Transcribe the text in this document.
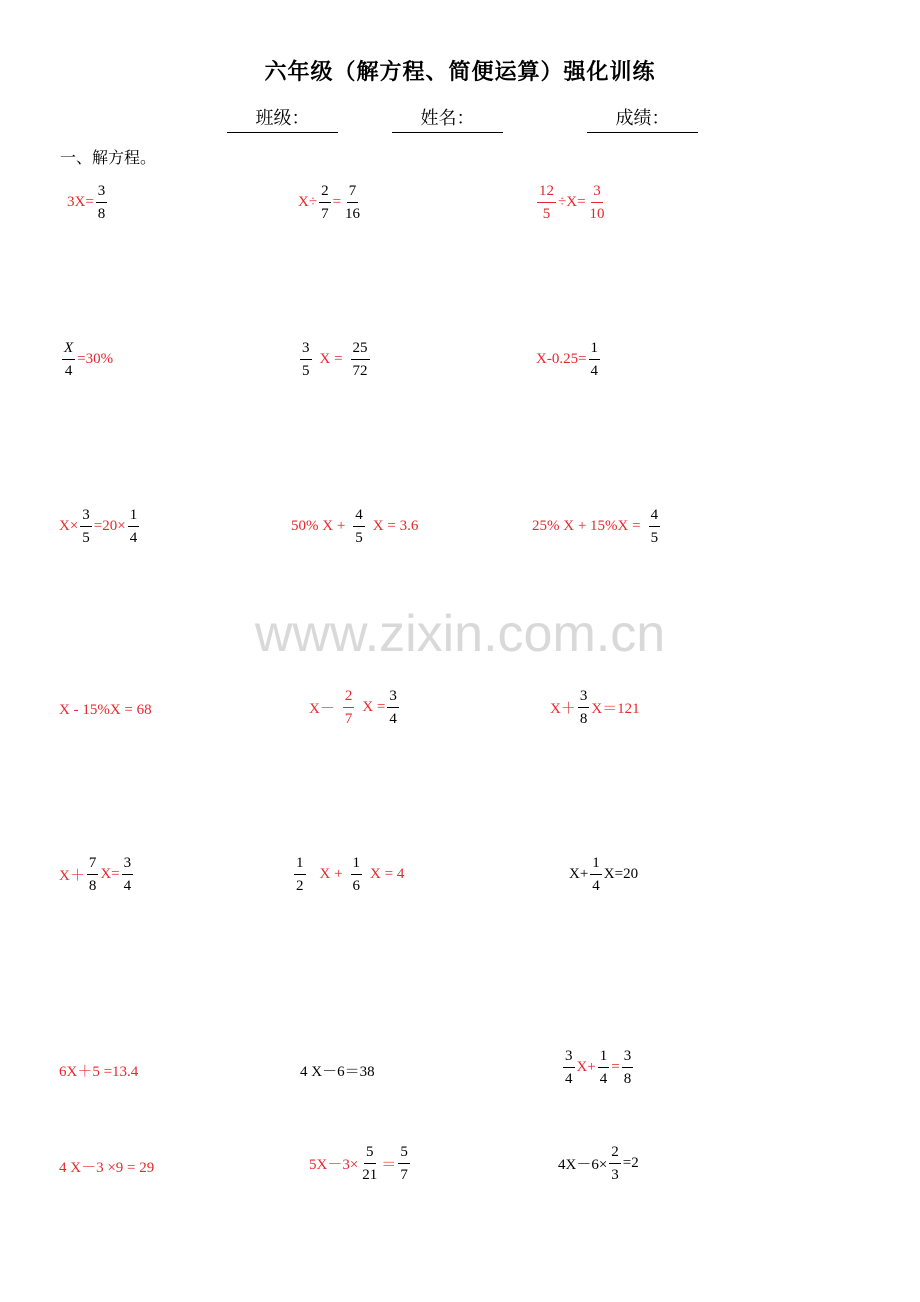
六年级（解方程、简便运算）强化训练
班级：	姓名：	成绩：
一、解方程。
www.zixin.com.cn
$3X= \frac{3}{8}$	$X\div \frac{2}{7} = \frac{7}{16}$	$\frac{12}{5} \div X= \frac{3}{10}$
$\frac{X}{4} =30\%$	$\frac{3}{5}$ $X = \frac{25}{72}$	$X-0.25= \frac{1}{4}$
$X\times \frac{3}{5} =20\times \frac{1}{4}$	50% $X + \frac{4}{5}$ X = 3.6	25% $X + 15\%X = \frac{4}{5}$
X - 15%X = 68	$X- \frac{2}{7}$ $X = \frac{3}{4}$	$X+ \frac{3}{8} X=121$
$X+ \frac{7}{8} X= \frac{3}{4}$	$\frac{1}{2}$ $X + \frac{1}{6}$ X = 4	$X+ \frac{1}{4} X=20$
6X＋5 =13.4	4 X－6＝38	$\frac{3}{4} X+ \frac{1}{4} = \frac{3}{8}$
4 X－3 ×9 = 29	$5X-3\times \frac{5}{21} = \frac{5}{7}$	$4X-6\times \frac{2}{3} =2$
